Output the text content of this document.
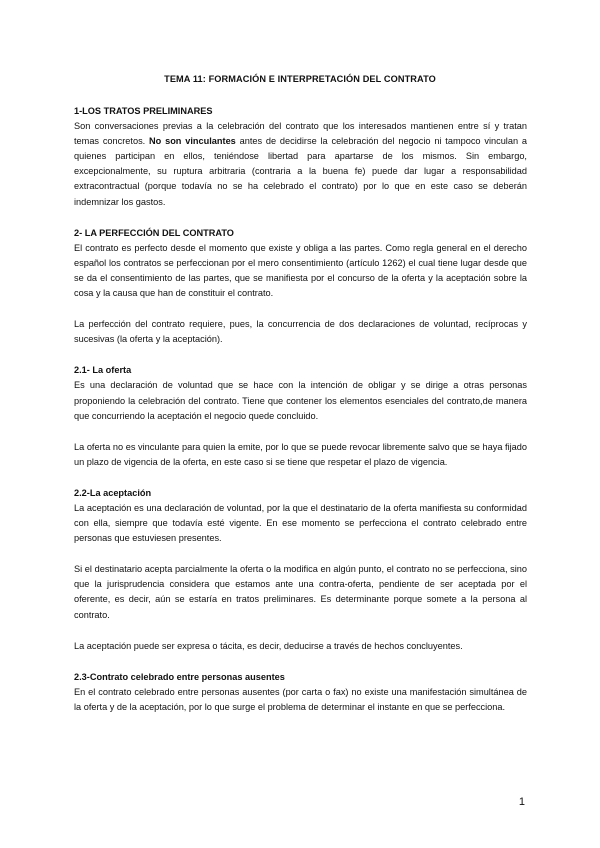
TEMA 11: FORMACIÓN E INTERPRETACIÓN DEL CONTRATO

1-LOS TRATOS PRELIMINARES

Son conversaciones previas a la celebración del contrato que los interesados mantienen entre sí y tratan temas concretos. No son vinculantes antes de decidirse la celebración del negocio ni tampoco vinculan a quienes participan en ellos, teniéndose libertad para apartarse de los mismos. Sin embargo, excepcionalmente, su ruptura arbitraria (contraria a la buena fe) puede dar lugar a responsabilidad extracontractual (porque todavía no se ha celebrado el contrato) por lo que en este caso se deberán indemnizar los gastos.

2- LA PERFECCIÓN DEL CONTRATO

El contrato es perfecto desde el momento que existe y obliga a las partes. Como regla general en el derecho español los contratos se perfeccionan por el mero consentimiento (artículo 1262) el cual tiene lugar desde que se da el consentimiento de las partes, que se manifiesta por el concurso de la oferta y la aceptación sobre la cosa y la causa que han de constituir el contrato.

La perfección del contrato requiere, pues, la concurrencia de dos declaraciones de voluntad, recíprocas y sucesivas (la oferta y la aceptación).

2.1- La oferta

Es una declaración de voluntad que se hace con la intención de obligar y se dirige a otras personas proponiendo la celebración del contrato. Tiene que contener los elementos esenciales del contrato,de manera que concurriendo la aceptación el negocio quede concluido.

La oferta no es vinculante para quien la emite, por lo que se puede revocar libremente salvo que se haya fijado un plazo de vigencia de la oferta, en este caso si se tiene que respetar el plazo de vigencia.

2.2-La aceptación

La aceptación es una declaración de voluntad, por la que el destinatario de la oferta manifiesta su conformidad con ella, siempre que todavía esté vigente. En ese momento se perfecciona el contrato celebrado entre personas que estuviesen presentes.

Si el destinatario acepta parcialmente la oferta o la modifica en algún punto, el contrato no se perfecciona, sino que la jurisprudencia considera que estamos ante una contra-oferta, pendiente de ser aceptada por el oferente, es decir, aún se estaría en tratos preliminares. Es determinante porque somete a la persona al contrato.

La aceptación puede ser expresa o tácita, es decir, deducirse a través de hechos concluyentes.

2.3-Contrato celebrado entre personas ausentes

En el contrato celebrado entre personas ausentes (por carta o fax) no existe una manifestación simultánea de la oferta y de la aceptación, por lo que surge el problema de determinar el instante en que se perfecciona.

1
